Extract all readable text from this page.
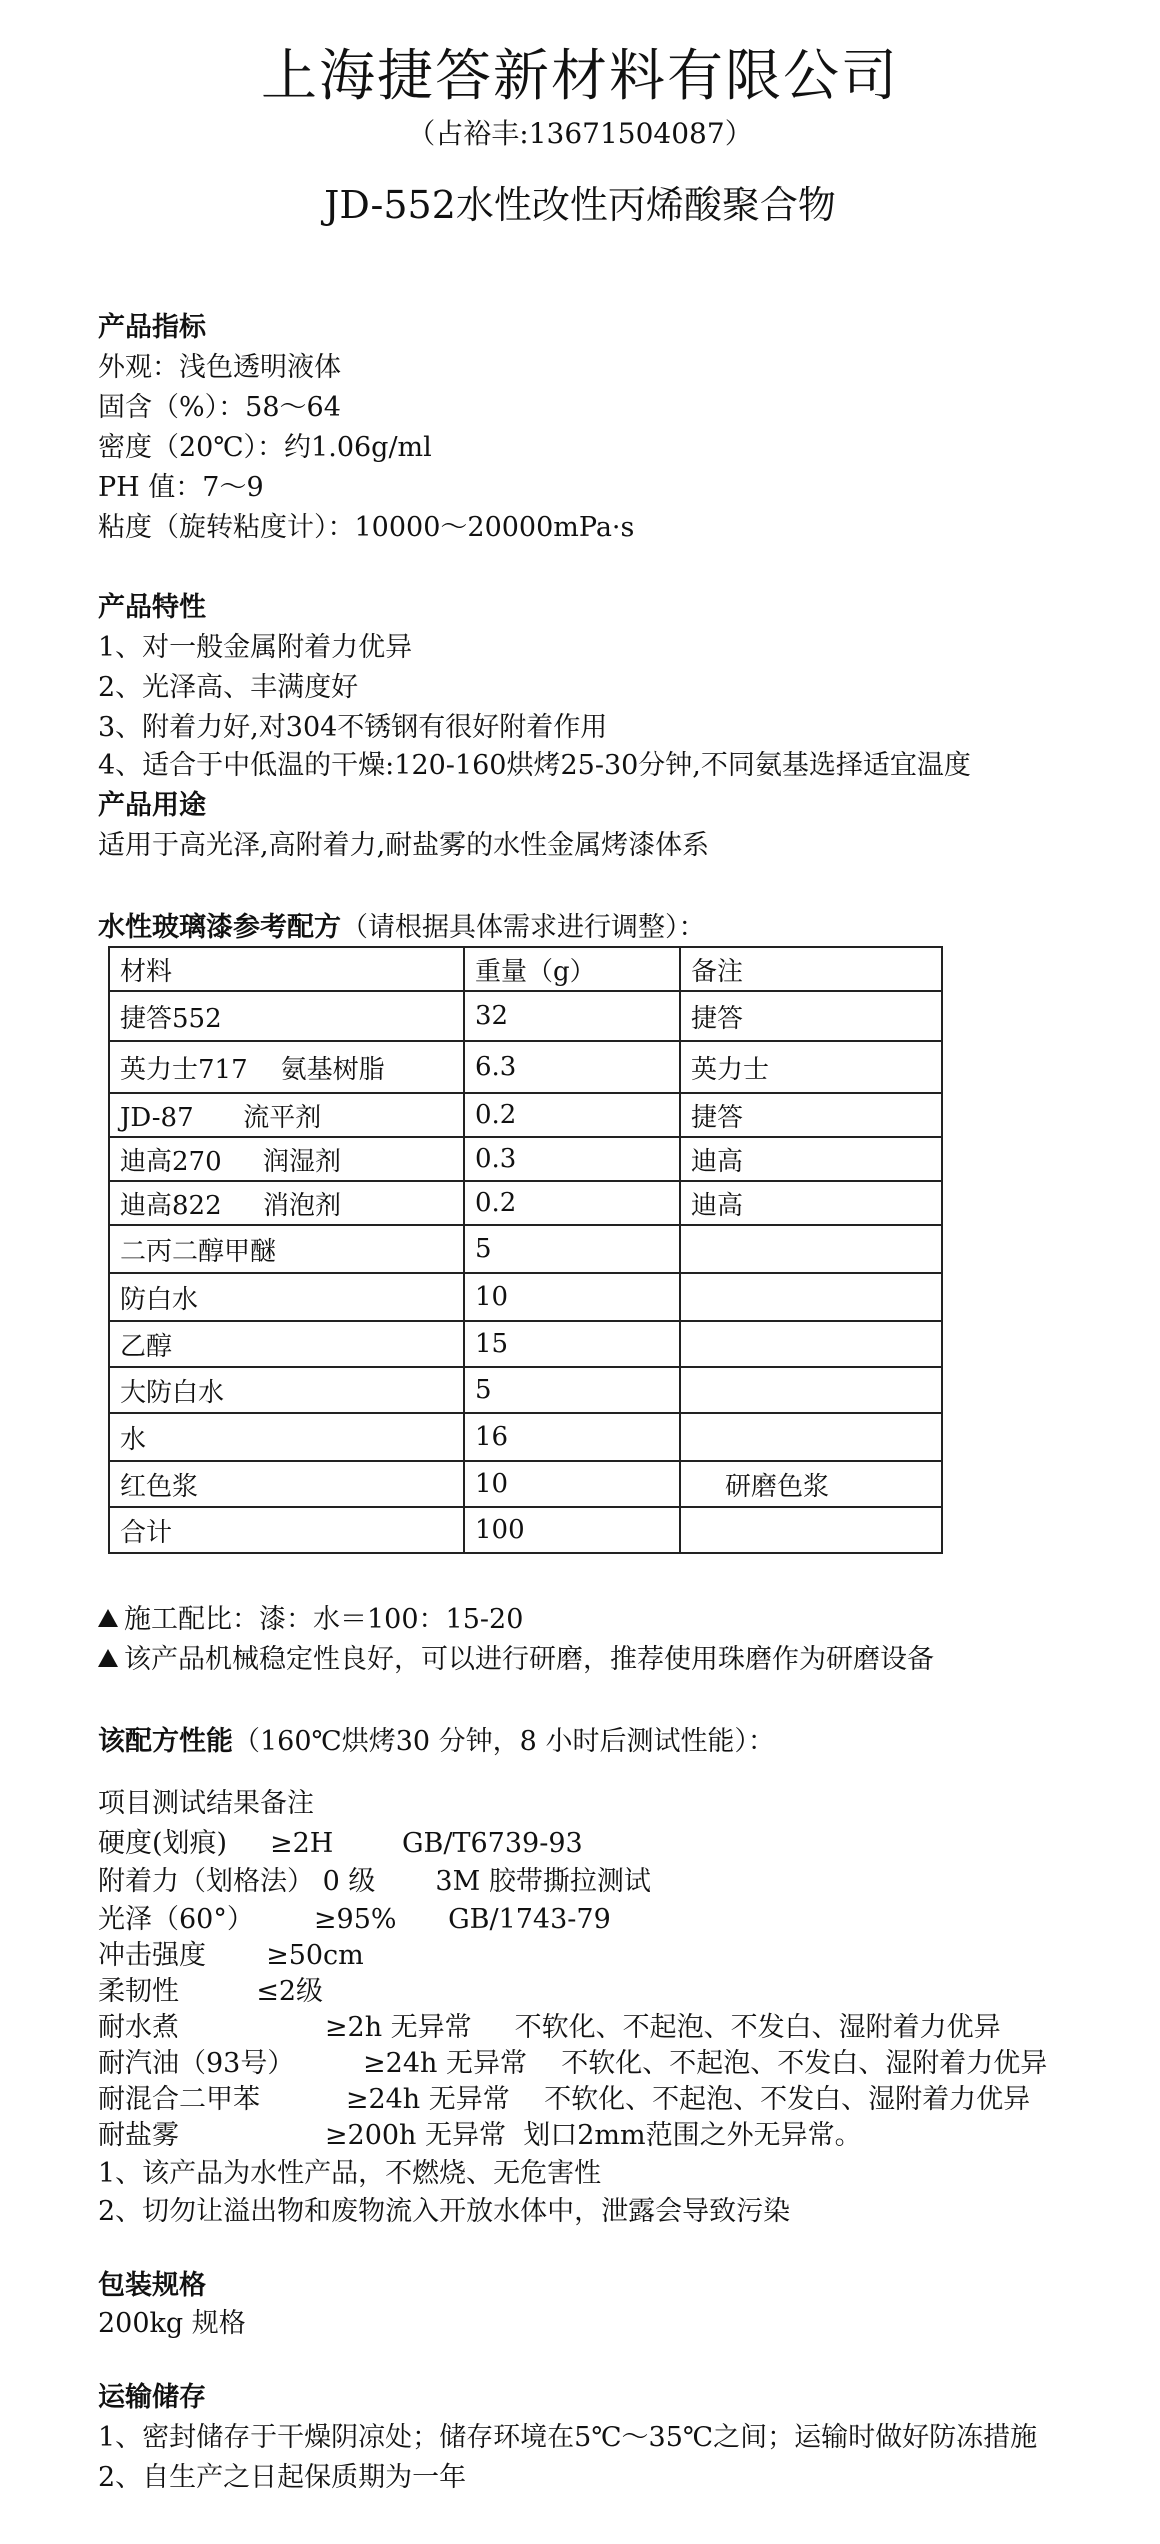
上海捷答新材料有限公司
（占裕丰:13671504087）
JD-552水性改性丙烯酸聚合物
产品指标
外观：浅色透明液体
固含（%）：58～64
密度（20℃）：约1.06g/ml
PH 值：7～9
粘度（旋转粘度计）：10000～20000mPa·s
产品特性
1、对一般金属附着力优异
2、光泽高、丰满度好
3、附着力好,对304不锈钢有很好附着作用
4、适合于中低温的干燥:120-160烘烤25-30分钟,不同氨基选择适宜温度
产品用途
适用于高光泽,高附着力,耐盐雾的水性金属烤漆体系
水性玻璃漆参考配方（请根据具体需求进行调整）：
材料	重量（g）	备注
捷答552	32	捷答
英力士717    氨基树脂	6.3	英力士
JD-87      流平剂	0.2	捷答
迪高270     润湿剂	0.3	迪高
迪高822     消泡剂	0.2	迪高
二丙二醇甲醚	5	
防白水	10	
乙醇	15	
大防白水	5	
水	16	
红色浆	10	研磨色浆
合计	100	
施工配比：漆：水＝100：15-20
该产品机械稳定性良好，可以进行研磨，推荐使用珠磨作为研磨设备
该配方性能（160℃烘烤30 分钟，8 小时后测试性能）：
项目测试结果备注
硬度(划痕)     ≥2H        GB/T6739-93
附着力（划格法） 0 级       3M 胶带撕拉测试
光泽（60°）       ≥95%      GB/1743-79
冲击强度       ≥50cm
柔韧性         ≤2级
耐水煮                 ≥2h 无异常     不软化、不起泡、不发白、湿附着力优异
耐汽油（93号）        ≥24h 无异常    不软化、不起泡、不发白、湿附着力优异
耐混合二甲苯          ≥24h 无异常    不软化、不起泡、不发白、湿附着力优异
耐盐雾                 ≥200h 无异常  划口2mm范围之外无异常。
1、该产品为水性产品，不燃烧、无危害性
2、切勿让溢出物和废物流入开放水体中，泄露会导致污染
包装规格
200kg 规格
运输储存
1、密封储存于干燥阴凉处；储存环境在5℃～35℃之间；运输时做好防冻措施
2、自生产之日起保质期为一年
